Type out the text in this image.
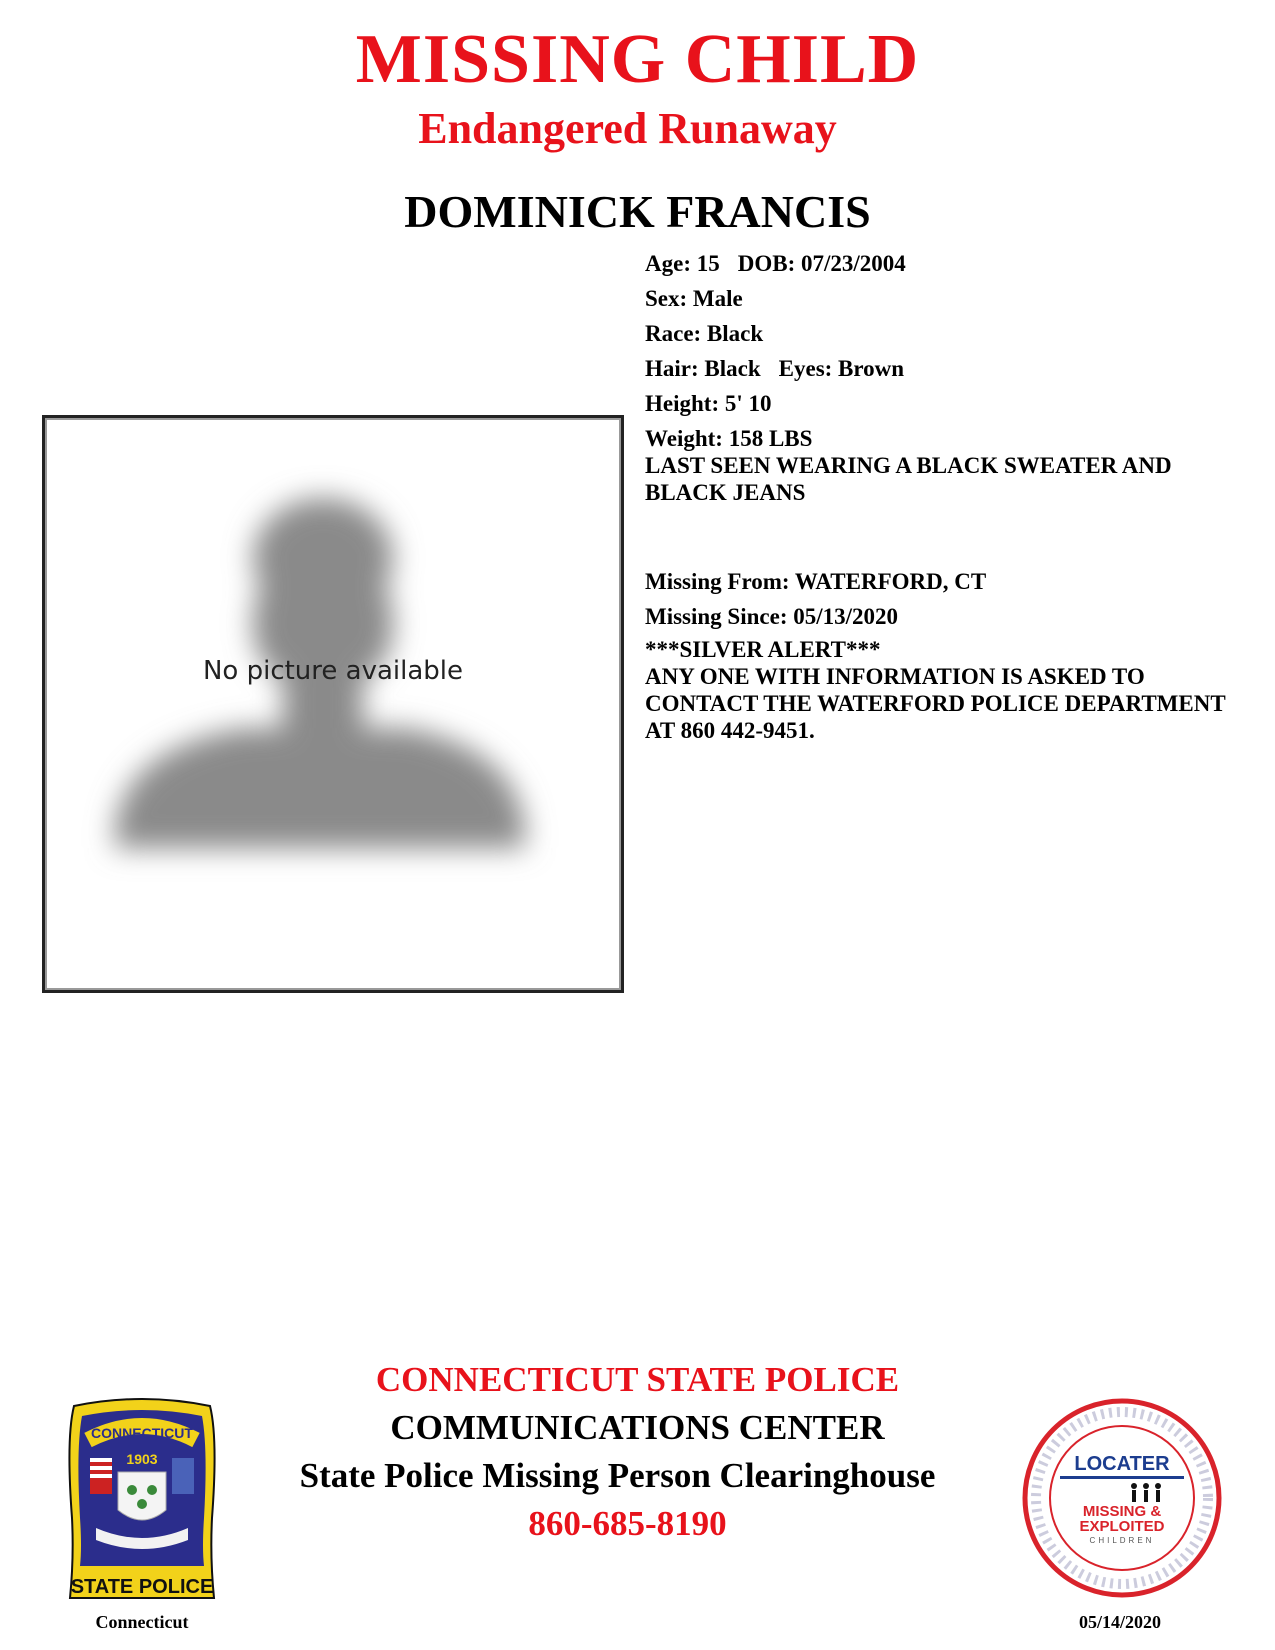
MISSING CHILD
Endangered Runaway
DOMINICK FRANCIS
Age: 15 DOB: 07/23/2004
Sex: Male
Race: Black
Hair: Black Eyes: Brown
Height: 5' 10
Weight: 158 LBS
LAST SEEN WEARING A BLACK SWEATER AND BLACK JEANS
Missing From: WATERFORD, CT
Missing Since: 05/13/2020
***SILVER ALERT***
ANY ONE WITH INFORMATION IS ASKED TO CONTACT THE WATERFORD POLICE DEPARTMENT AT 860 442-9451.
No picture available
CONNECTICUT STATE POLICE
COMMUNICATIONS CENTER
State Police Missing Person Clearinghouse
860-685-8190
CONNECTICUT
1903
STATE POLICE
Connecticut
LOCATER
MISSING &
EXPLOITED
CHILDREN
05/14/2020
